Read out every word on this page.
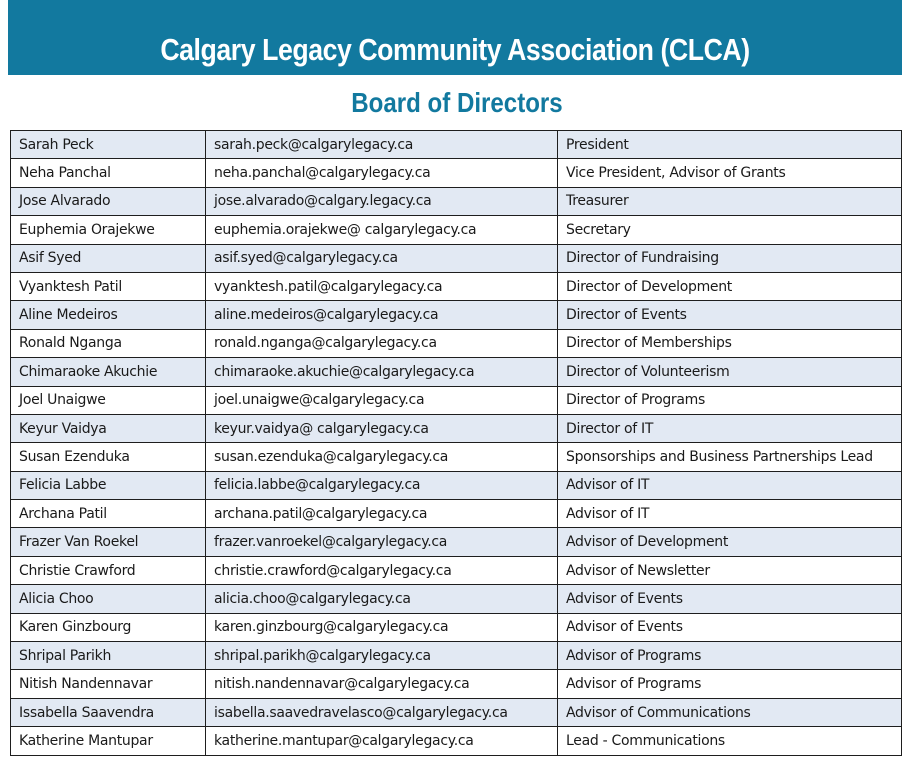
Calgary Legacy Community Association (CLCA)
Board of Directors
Sarah Peck	sarah.peck@calgarylegacy.ca	President
Neha Panchal	neha.panchal@calgarylegacy.ca	Vice President, Advisor of Grants
Jose Alvarado	jose.alvarado@calgary.legacy.ca	Treasurer
Euphemia Orajekwe	euphemia.orajekwe@ calgarylegacy.ca	Secretary
Asif Syed	asif.syed@calgarylegacy.ca	Director of Fundraising
Vyanktesh Patil	vyanktesh.patil@calgarylegacy.ca	Director of Development
Aline Medeiros	aline.medeiros@calgarylegacy.ca	Director of Events
Ronald Nganga	ronald.nganga@calgarylegacy.ca	Director of Memberships
Chimaraoke Akuchie	chimaraoke.akuchie@calgarylegacy.ca	Director of Volunteerism
Joel Unaigwe	joel.unaigwe@calgarylegacy.ca	Director of Programs
Keyur Vaidya	keyur.vaidya@ calgarylegacy.ca	Director of IT
Susan Ezenduka	susan.ezenduka@calgarylegacy.ca	Sponsorships and Business Partnerships Lead
Felicia Labbe	felicia.labbe@calgarylegacy.ca	Advisor of IT
Archana Patil	archana.patil@calgarylegacy.ca	Advisor of IT
Frazer Van Roekel	frazer.vanroekel@calgarylegacy.ca	Advisor of Development
Christie Crawford	christie.crawford@calgarylegacy.ca	Advisor of Newsletter
Alicia Choo	alicia.choo@calgarylegacy.ca	Advisor of Events
Karen Ginzbourg	karen.ginzbourg@calgarylegacy.ca	Advisor of Events
Shripal Parikh	shripal.parikh@calgarylegacy.ca	Advisor of Programs
Nitish Nandennavar	nitish.nandennavar@calgarylegacy.ca	Advisor of Programs
Issabella Saavendra	isabella.saavedravelasco@calgarylegacy.ca	Advisor of Communications
Katherine Mantupar	katherine.mantupar@calgarylegacy.ca	Lead - Communications
